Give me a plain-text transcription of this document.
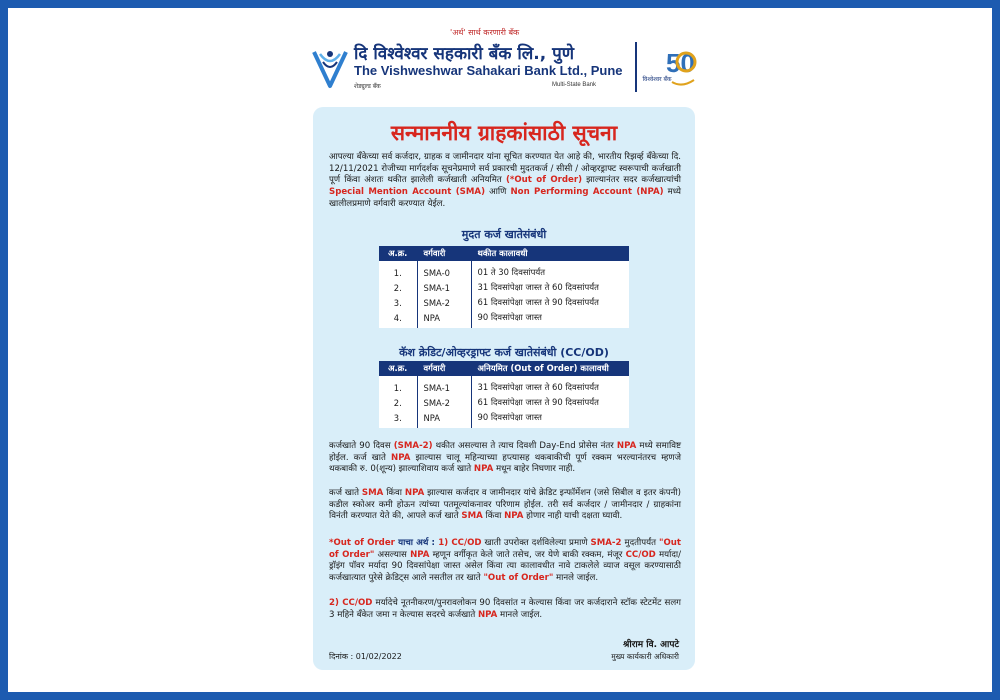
'अर्थ' सार्थ करणारी बँक
दि विश्वेश्वर सहकारी बँक लि., पुणे
The Vishweshwar Sahakari Bank Ltd., Pune
शेड्युल्ड बँक	Multi-State Bank
50
विश्वेश्वर बँक
सन्माननीय ग्राहकांसाठी सूचना
आपल्या बँकेच्या सर्व कर्जदार, ग्राहक व जामीनदार यांना सूचित करण्यात येत आहे की, भारतीय रिझर्व्ह बँकेच्या दि. 12/11/2021 रोजीच्या मार्गदर्शक सूचनेप्रमाणे सर्व प्रकारची मुदतकर्ज / सीसी / ओव्हरड्राफ्ट स्वरूपाची कर्जखाती पूर्ण किंवा अंशतः थकीत झालेली कर्जखाती अनियमित (*Out of Order) झाल्यानंतर सदर कर्जखात्यांची Special Mention Account (SMA) आणि Non Performing Account (NPA) मध्ये खालीलप्रमाणे वर्गवारी करण्यात येईल.
मुदत कर्ज खातेसंबंधी
अ.क्र.	वर्गवारी	थकीत कालावधी
1.	SMA-0	01 ते 30 दिवसांपर्यंत
2.	SMA-1	31 दिवसांपेक्षा जास्त ते 60 दिवसांपर्यंत
3.	SMA-2	61 दिवसांपेक्षा जास्त ते 90 दिवसांपर्यंत
4.	NPA	90 दिवसांपेक्षा जास्त
कॅश क्रेडिट/ओव्हरड्राफ्ट कर्ज खातेसंबंधी (CC/OD)
अ.क्र.	वर्गवारी	अनियमित (Out of Order) कालावधी
1.	SMA-1	31 दिवसांपेक्षा जास्त ते 60 दिवसांपर्यंत
2.	SMA-2	61 दिवसांपेक्षा जास्त ते 90 दिवसांपर्यंत
3.	NPA	90 दिवसांपेक्षा जास्त
कर्जखाते 90 दिवस (SMA-2) थकीत असल्यास ते त्याच दिवशी Day-End प्रोसेस नंतर NPA मध्ये समाविष्ट होईल. कर्ज खाते NPA झाल्यास चालू महिन्याच्या हप्त्यासह थकबाकीची पूर्ण रक्कम भरल्यानंतरच म्हणजे थकबाकी रु. 0(शून्य) झाल्याशिवाय कर्ज खाते NPA मधून बाहेर निघणार नाही.
कर्ज खाते SMA किंवा NPA झाल्यास कर्जदार व जामीनदार यांचे क्रेडिट इन्फॉर्मेशन (जसे सिबील व इतर कंपनी) कडील स्कोअर कमी होऊन त्यांच्या पतमूल्यांकनावर परिणाम होईल. तरी सर्व कर्जदार / जामीनदार / ग्राहकांना विनंती करण्यात येते की, आपले कर्ज खाते SMA किंवा NPA होणार नाही याची दक्षता घ्यावी.
*Out of Order याचा अर्थ : 1) CC/OD खाती उपरोक्त दर्शविलेल्या प्रमाणे SMA-2 मुदतीपर्यंत "Out of Order" असल्यास NPA म्हणून वर्गीकृत केले जाते तसेच, जर येणे बाकी रक्कम, मंजूर CC/OD मर्यादा/ड्रॉइंग पॉवर मर्यादा 90 दिवसांपेक्षा जास्त असेल किंवा त्या कालावधीत नावे टाकलेले व्याज वसूल करण्यासाठी कर्जखात्यात पुरेसे क्रेडिट्स आले नसतील तर खाते "Out of Order" मानले जाईल.
2) CC/OD मर्यादेचे नूतनीकरण/पुनरावलोकन 90 दिवसांत न केल्यास किंवा जर कर्जदाराने स्टॉक स्टेटमेंट सलग 3 महिने बँकेत जमा न केल्यास सदरचे कर्जखाते NPA मानले जाईल.
श्रीराम वि. आपटे
मुख्य कार्यकारी अधिकारी
दिनांक : 01/02/2022
